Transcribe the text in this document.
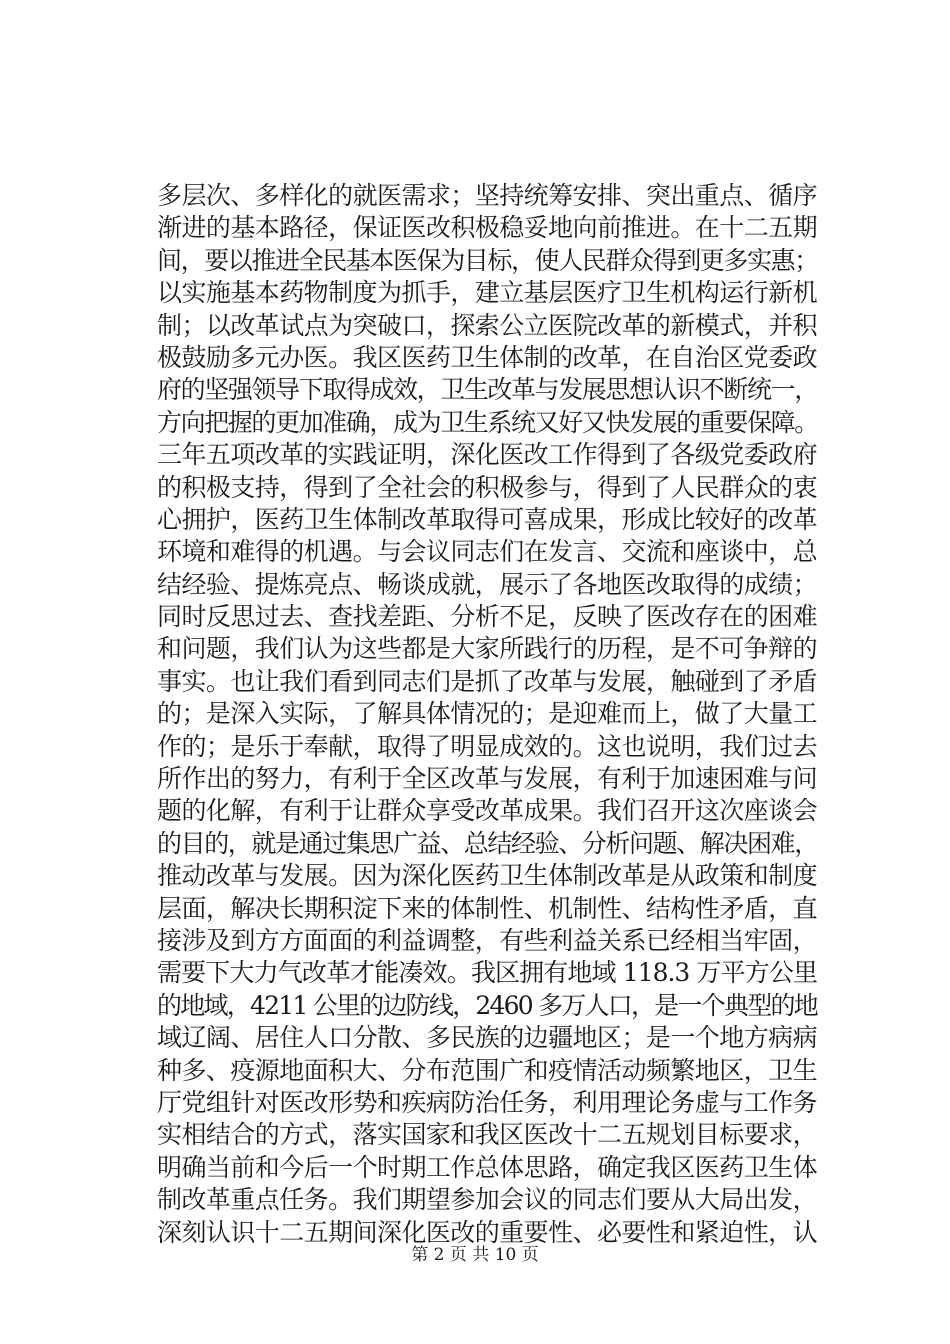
多层次、多样化的就医需求；坚持统筹安排、突出重点、循序
渐进的基本路径，保证医改积极稳妥地向前推进。在十二五期
间，要以推进全民基本医保为目标，使人民群众得到更多实惠；
以实施基本药物制度为抓手，建立基层医疗卫生机构运行新机
制；以改革试点为突破口，探索公立医院改革的新模式，并积
极鼓励多元办医。我区医药卫生体制的改革，在自治区党委政
府的坚强领导下取得成效，卫生改革与发展思想认识不断统一，
方向把握的更加准确，成为卫生系统又好又快发展的重要保障。
三年五项改革的实践证明，深化医改工作得到了各级党委政府
的积极支持，得到了全社会的积极参与，得到了人民群众的衷
心拥护，医药卫生体制改革取得可喜成果，形成比较好的改革
环境和难得的机遇。与会议同志们在发言、交流和座谈中，总
结经验、提炼亮点、畅谈成就，展示了各地医改取得的成绩；
同时反思过去、查找差距、分析不足，反映了医改存在的困难
和问题，我们认为这些都是大家所践行的历程，是不可争辩的
事实。也让我们看到同志们是抓了改革与发展，触碰到了矛盾
的；是深入实际，了解具体情况的；是迎难而上，做了大量工
作的；是乐于奉献，取得了明显成效的。这也说明，我们过去
所作出的努力，有利于全区改革与发展，有利于加速困难与问
题的化解，有利于让群众享受改革成果。我们召开这次座谈会
的目的，就是通过集思广益、总结经验、分析问题、解决困难，
推动改革与发展。因为深化医药卫生体制改革是从政策和制度
层面，解决长期积淀下来的体制性、机制性、结构性矛盾，直
接涉及到方方面面的利益调整，有些利益关系已经相当牢固，
需要下大力气改革才能凑效。我区拥有地域 118.3 万平方公里
的地域，4211 公里的边防线，2460 多万人口，是一个典型的地
域辽阔、居住人口分散、多民族的边疆地区；是一个地方病病
种多、疫源地面积大、分布范围广和疫情活动频繁地区，卫生
厅党组针对医改形势和疾病防治任务，利用理论务虚与工作务
实相结合的方式，落实国家和我区医改十二五规划目标要求，
明确当前和今后一个时期工作总体思路，确定我区医药卫生体
制改革重点任务。我们期望参加会议的同志们要从大局出发，
深刻认识十二五期间深化医改的重要性、必要性和紧迫性，认
第 2 页 共 10 页
